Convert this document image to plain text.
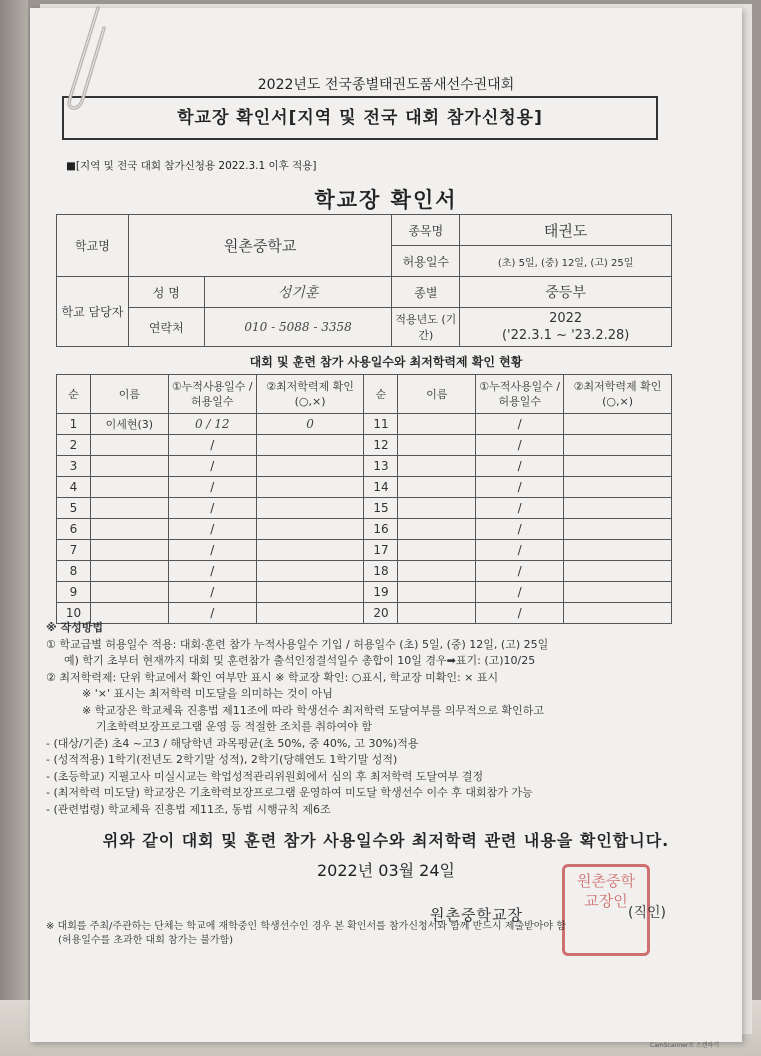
2022년도 전국종별태권도품새선수권대회
학교장 확인서[지역 및 전국 대회 참가신청용]
■[지역 및 전국 대회 참가신청용 2022.3.1 이후 적용]
학교장 확인서
학교명	원촌중학교		종목명	태권도
			허용일수	(초) 5일, (중) 12일, (고) 25일
학교 담당자	성 명	성기훈	종별	중등부
	연락처	010 - 5088 - 3358	적용년도 (기간)	2022
('22.3.1 ~ '23.2.28)
대회 및 훈련 참가 사용일수와 최저학력제 확인 현황
순	이름	①누적사용일수 /허용일수	②최저학력제 확인(○,×)	순	이름	①누적사용일수 /허용일수	②최저학력제 확인(○,×)
1	이세현(3)	0 / 12	0	11		/	
2		/		12		/	
3		/		13		/	
4		/		14		/	
5		/		15		/	
6		/		16		/	
7		/		17		/	
8		/		18		/	
9		/		19		/	
10		/		20		/	
※ 작성방법
① 학교급별 허용일수 적용: 대회·훈련 참가 누적사용일수 기입 / 허용일수 (초) 5일, (중) 12일, (고) 25일
예) 학기 초부터 현재까지 대회 및 훈련참가 출석인정결석일수 총합이 10일 경우➡표기: (고)10/25
② 최저학력제: 단위 학교에서 확인 여부만 표시 ※ 학교장 확인: ○표시, 학교장 미확인: × 표시
※ '×' 표시는 최저학력 미도달을 의미하는 것이 아님
※ 학교장은 학교체육 진흥법 제11조에 따라 학생선수 최저학력 도달여부를 의무적으로 확인하고
기초학력보장프로그램 운영 등 적절한 조치를 취하여야 함
- (대상/기준) 초4 ~고3 / 해당학년 과목평균(초 50%, 중 40%, 고 30%)적용
- (성적적용) 1학기(전년도 2학기말 성적), 2학기(당해연도 1학기말 성적)
- (초등학교) 지필고사 미실시교는 학업성적관리위원회에서 심의 후 최저학력 도달여부 결정
- (최저학력 미도달) 학교장은 기초학력보장프로그램 운영하여 미도달 학생선수 이수 후 대회참가 가능
- (관련법령) 학교체육 진흥법 제11조, 동법 시행규칙 제6조
위와 같이 대회 및 훈련 참가 사용일수와 최저학력 관련 내용을 확인합니다.
2022년 03월 24일
원촌중학교장
원촌중학교장인
(직인)
※ 대회를 주최/주관하는 단체는 학교에 재학중인 학생선수인 경우 본 확인서를 참가신청서와 함께 반드시 제출받아야 함
(허용일수를 초과한 대회 참가는 불가함)
CamScanner로 스캔하기
